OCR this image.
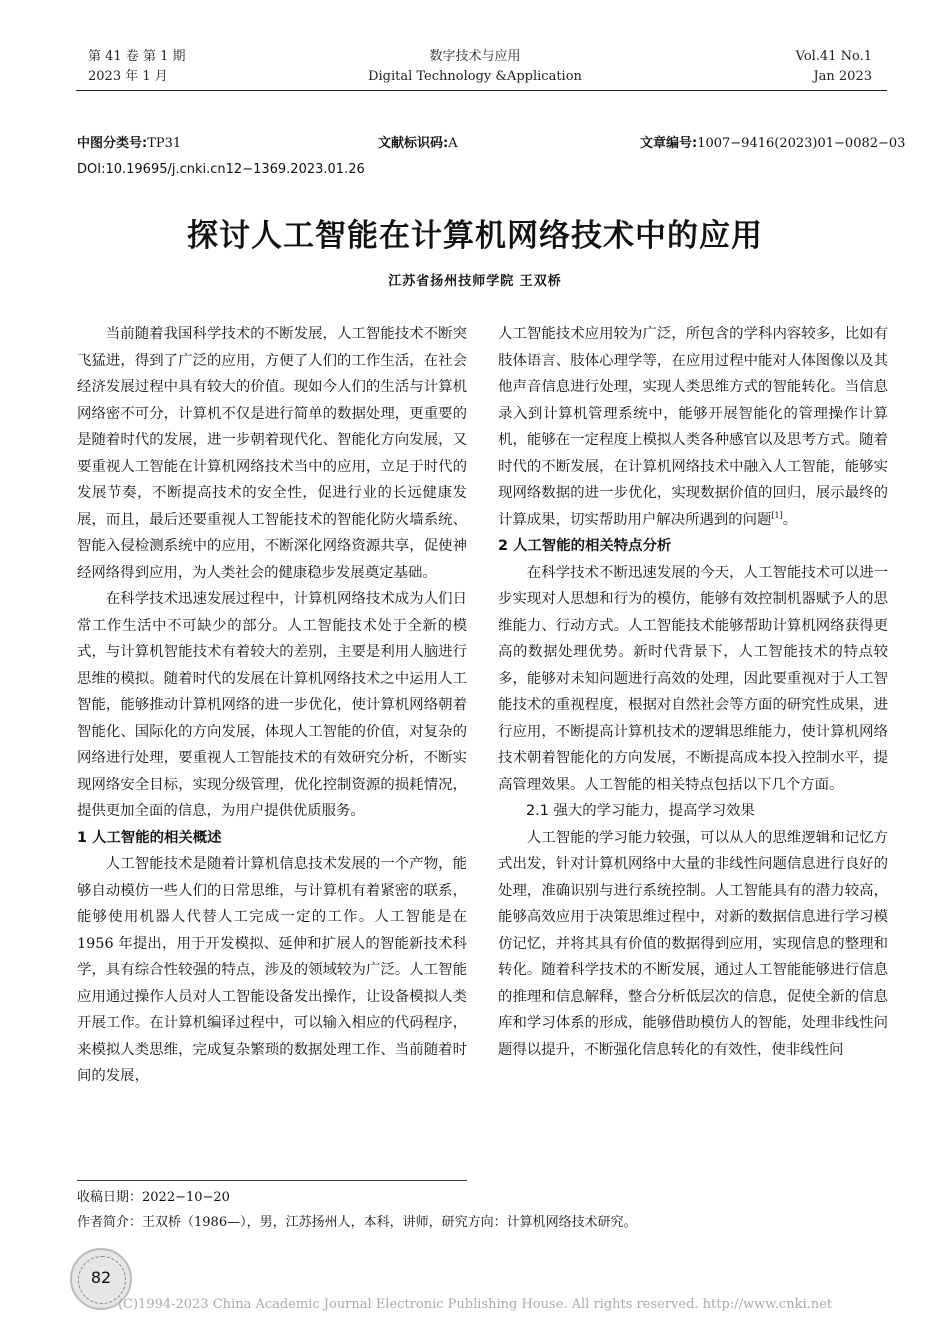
第 41 卷 第 1 期
2023 年 1 月
数字技术与应用
Digital Technology &Application
Vol.41 No.1
Jan 2023
中图分类号:TP31	文献标识码:A	文章编号:1007−9416(2023)01−0082−03
DOI:10.19695/j.cnki.cn12−1369.2023.01.26
探讨人工智能在计算机网络技术中的应用
江苏省扬州技师学院 王双桥

当前随着我国科学技术的不断发展，人工智能技术不断突飞猛进，得到了广泛的应用，方便了人们的工作生活，在社会经济发展过程中具有较大的价值。现如今人们的生活与计算机网络密不可分，计算机不仅是进行简单的数据处理，更重要的是随着时代的发展，进一步朝着现代化、智能化方向发展，又要重视人工智能在计算机网络技术当中的应用，立足于时代的发展节奏，不断提高技术的安全性，促进行业的长远健康发展，而且，最后还要重视人工智能技术的智能化防火墙系统、智能入侵检测系统中的应用，不断深化网络资源共享，促使神经网络得到应用，为人类社会的健康稳步发展奠定基础。

在科学技术迅速发展过程中，计算机网络技术成为人们日常工作生活中不可缺少的部分。人工智能技术处于全新的模式，与计算机智能技术有着较大的差别，主要是利用人脑进行思维的模拟。随着时代的发展在计算机网络技术之中运用人工智能，能够推动计算机网络的进一步优化，使计算机网络朝着智能化、国际化的方向发展，体现人工智能的价值，对复杂的网络进行处理，要重视人工智能技术的有效研究分析，不断实现网络安全目标，实现分级管理，优化控制资源的损耗情况，提供更加全面的信息，为用户提供优质服务。

1 人工智能的相关概述

人工智能技术是随着计算机信息技术发展的一个产物，能够自动模仿一些人们的日常思维，与计算机有着紧密的联系，能够使用机器人代替人工完成一定的工作。人工智能是在 1956 年提出，用于开发模拟、延伸和扩展人的智能新技术科学，具有综合性较强的特点，涉及的领域较为广泛。人工智能应用通过操作人员对人工智能设备发出操作，让设备模拟人类开展工作。在计算机编译过程中，可以输入相应的代码程序，来模拟人类思维，完成复杂繁琐的数据处理工作、当前随着时间的发展，

人工智能技术应用较为广泛，所包含的学科内容较多，比如有肢体语言、肢体心理学等，在应用过程中能对人体图像以及其他声音信息进行处理，实现人类思维方式的智能转化。当信息录入到计算机管理系统中，能够开展智能化的管理操作计算机，能够在一定程度上模拟人类各种感官以及思考方式。随着时代的不断发展，在计算机网络技术中融入人工智能，能够实现网络数据的进一步优化，实现数据价值的回归，展示最终的计算成果，切实帮助用户解决所遇到的问题[1]。

2 人工智能的相关特点分析

在科学技术不断迅速发展的今天，人工智能技术可以进一步实现对人思想和行为的模仿，能够有效控制机器赋予人的思维能力、行动方式。人工智能技术能够帮助计算机网络获得更高的数据处理优势。新时代背景下，人工智能技术的特点较多，能够对未知问题进行高效的处理，因此要重视对于人工智能技术的重视程度，根据对自然社会等方面的研究性成果，进行应用，不断提高计算机技术的逻辑思维能力，使计算机网络技术朝着智能化的方向发展，不断提高成本投入控制水平，提高管理效果。人工智能的相关特点包括以下几个方面。

2.1 强大的学习能力，提高学习效果

人工智能的学习能力较强，可以从人的思维逻辑和记忆方式出发，针对计算机网络中大量的非线性问题信息进行良好的处理，准确识别与进行系统控制。人工智能具有的潜力较高，能够高效应用于决策思维过程中，对新的数据信息进行学习模仿记忆，并将其具有价值的数据得到应用，实现信息的整理和转化。随着科学技术的不断发展，通过人工智能能够进行信息的推理和信息解释，整合分析低层次的信息，促使全新的信息库和学习体系的形成，能够借助模仿人的智能，处理非线性问题得以提升，不断强化信息转化的有效性，使非线性问

收稿日期：2022−10−20
作者简介：王双桥（1986—），男，江苏扬州人，本科，讲师，研究方向：计算机网络技术研究。
82
(C)1994-2023 China Academic Journal Electronic Publishing House. All rights reserved. http://www.cnki.net
